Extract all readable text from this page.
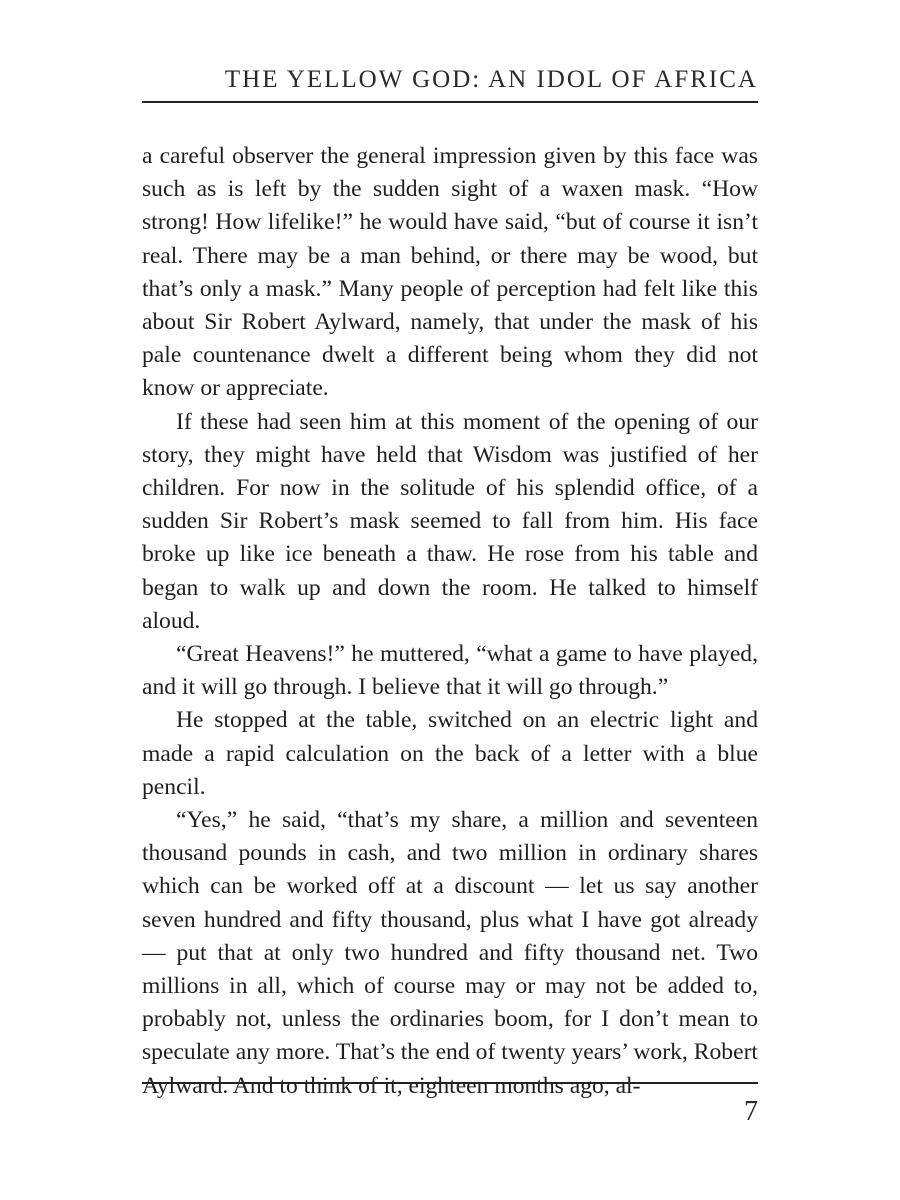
THE YELLOW GOD: AN IDOL OF AFRICA

a careful observer the general impression given by this face was such as is left by the sudden sight of a waxen mask. “How strong! How lifelike!” he would have said, “but of course it isn’t real. There may be a man behind, or there may be wood, but that’s only a mask.” Many people of perception had felt like this about Sir Robert Aylward, namely, that under the mask of his pale countenance dwelt a different being whom they did not know or appreciate.

If these had seen him at this moment of the opening of our story, they might have held that Wisdom was justified of her children. For now in the solitude of his splendid office, of a sudden Sir Robert’s mask seemed to fall from him. His face broke up like ice beneath a thaw. He rose from his table and began to walk up and down the room. He talked to himself aloud.

“Great Heavens!” he muttered, “what a game to have played, and it will go through. I believe that it will go through.”

He stopped at the table, switched on an electric light and made a rapid calculation on the back of a letter with a blue pencil.

“Yes,” he said, “that’s my share, a million and seventeen thousand pounds in cash, and two million in ordinary shares which can be worked off at a discount — let us say another seven hundred and fifty thousand, plus what I have got already — put that at only two hundred and fifty thousand net. Two millions in all, which of course may or may not be added to, probably not, unless the ordinaries boom, for I don’t mean to speculate any more. That’s the end of twenty years’ work, Robert Aylward. And to think of it, eighteen months ago, al-

7
